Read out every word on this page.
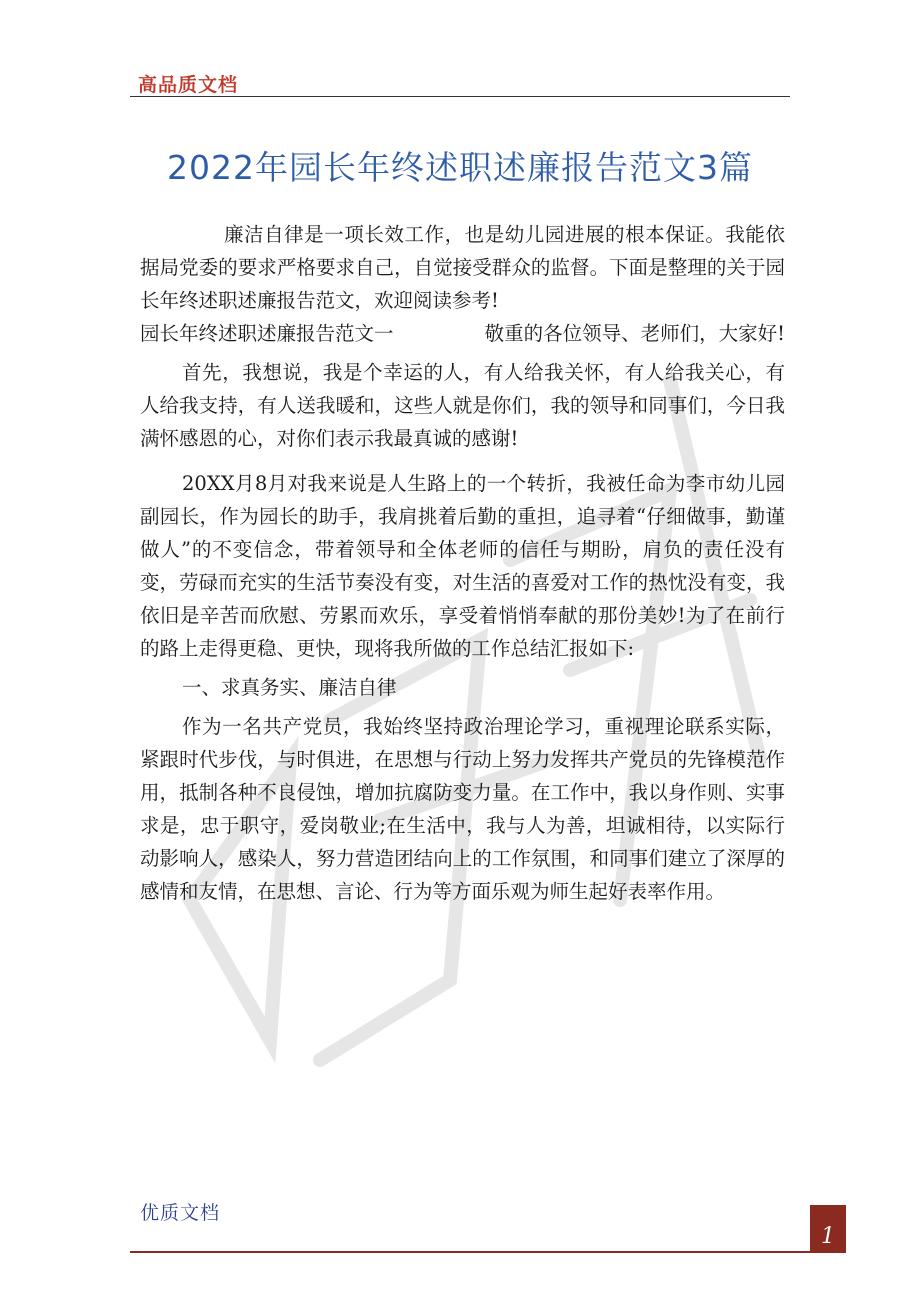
高品质文档
2022年园长年终述职述廉报告范文3篇

廉洁自律是一项长效工作，也是幼儿园进展的根本保证。我能依据局党委的要求严格要求自己，自觉接受群众的监督。下面是整理的关于园长年终述职述廉报告范文，欢迎阅读参考!

园长年终述职述廉报告范文一	敬重的各位领导、老师们，大家好!

首先，我想说，我是个幸运的人，有人给我关怀，有人给我关心，有人给我支持，有人送我暖和，这些人就是你们，我的领导和同事们，今日我满怀感恩的心，对你们表示我最真诚的感谢!

20XX月8月对我来说是人生路上的一个转折，我被任命为李市幼儿园副园长，作为园长的助手，我肩挑着后勤的重担，追寻着“仔细做事，勤谨做人”的不变信念，带着领导和全体老师的信任与期盼，肩负的责任没有变，劳碌而充实的生活节奏没有变，对生活的喜爱对工作的热忱没有变，我依旧是辛苦而欣慰、劳累而欢乐，享受着悄悄奉献的那份美妙!为了在前行的路上走得更稳、更快，现将我所做的工作总结汇报如下:

一、求真务实、廉洁自律

作为一名共产党员，我始终坚持政治理论学习，重视理论联系实际，紧跟时代步伐，与时俱进，在思想与行动上努力发挥共产党员的先锋模范作用，抵制各种不良侵蚀，增加抗腐防变力量。在工作中，我以身作则、实事求是，忠于职守，爱岗敬业;在生活中，我与人为善，坦诚相待，以实际行动影响人，感染人，努力营造团结向上的工作氛围，和同事们建立了深厚的感情和友情，在思想、言论、行为等方面乐观为师生起好表率作用。

优质文档
1
